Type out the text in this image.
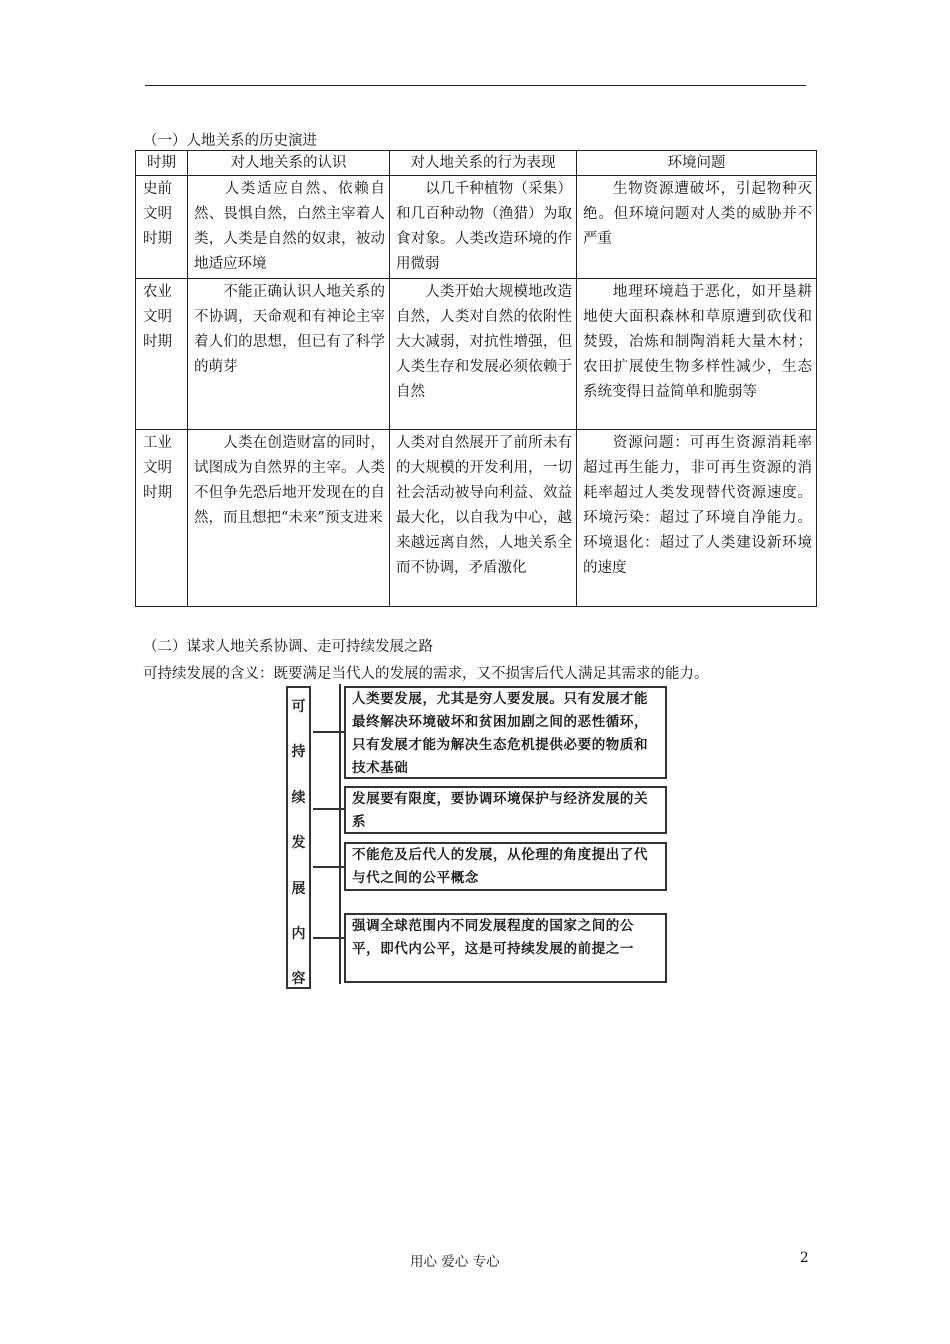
（一）人地关系的历史演进
时期	对人地关系的认识	对人地关系的行为表现	环境问题
史前文明时期	人类适应自然、依赖自然、畏惧自然，白然主宰着人类，人类是自然的奴隶，被动地适应环境	以几千种植物（采集）和几百种动物（渔猎）为取食对象。人类改造环境的作用微弱	生物资源遭破坏，引起物种灭绝。但环境问题对人类的威胁并不严重
农业文明时期	不能正确认识人地关系的不协调，天命观和有神论主宰着人们的思想，但已有了科学的萌芽	人类开始大规模地改造自然，人类对自然的依附性大大减弱，对抗性增强，但人类生存和发展必须依赖于自然	地理环境趋于恶化，如开垦耕地使大面积森林和草原遭到砍伐和焚毁，冶炼和制陶消耗大量木材；农田扩展使生物多样性减少，生态系统变得日益简单和脆弱等
工业文明时期	人类在创造财富的同时，试图成为自然界的主宰。人类不但争先恐后地开发现在的自然，而且想把“未来”预支进来	人类对自然展开了前所未有的大规模的开发利用，一切社会活动被导向利益、效益最大化，以自我为中心，越来越远离自然，人地关系全而不协调，矛盾激化	资源问题：可再生资源消耗率超过再生能力，非可再生资源的消耗率超过人类发现替代资源速度。环境污染：超过了环境自净能力。环境退化：超过了人类建设新环境的速度
（二）谋求人地关系协调、走可持续发展之路
可持续发展的含义：既要满足当代人的发展的需求，又不损害后代人满足其需求的能力。
可
持
续
发
展
内
容
人类要发展，尤其是穷人要发展。只有发展才能最终解决环境破坏和贫困加剧之间的恶性循环，只有发展才能为解决生态危机提供必要的物质和技术基础
发展要有限度，要协调环境保护与经济发展的关系
不能危及后代人的发展，从伦理的角度提出了代与代之间的公平概念
强调全球范围内不同发展程度的国家之间的公平，即代内公平，这是可持续发展的前提之一
用心 爱心 专心	2
